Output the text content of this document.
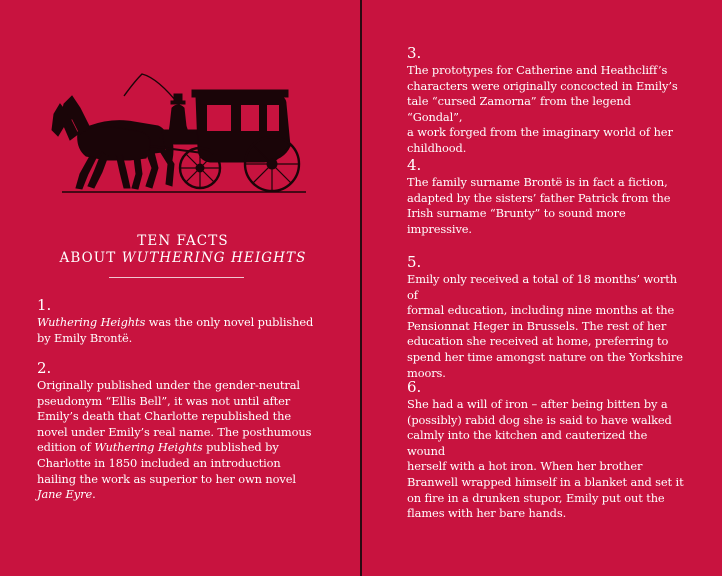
TEN FACTS
ABOUT WUTHERING HEIGHTS
1.
Wuthering Heights was the only novel published
by Emily Brontë.
2.
Originally published under the gender-neutral
pseudonym “Ellis Bell”, it was not until after
Emily’s death that Charlotte republished the
novel under Emily’s real name. The posthumous
edition of Wuthering Heights published by
Charlotte in 1850 included an introduction
hailing the work as superior to her own novel
Jane Eyre.
3.
The prototypes for Catherine and Heathcliff’s
characters were originally concocted in Emily’s
tale “cursed Zamorna” from the legend “Gondal”,
a work forged from the imaginary world of her
childhood.
4.
The family surname Brontë is in fact a fiction,
adapted by the sisters’ father Patrick from the
Irish surname “Brunty” to sound more
impressive.
5.
Emily only received a total of 18 months’ worth of
formal education, including nine months at the
Pensionnat Heger in Brussels. The rest of her
education she received at home, preferring to
spend her time amongst nature on the Yorkshire
moors.
6.
She had a will of iron – after being bitten by a
(possibly) rabid dog she is said to have walked
calmly into the kitchen and cauterized the wound
herself with a hot iron. When her brother
Branwell wrapped himself in a blanket and set it
on fire in a drunken stupor, Emily put out the
flames with her bare hands.
